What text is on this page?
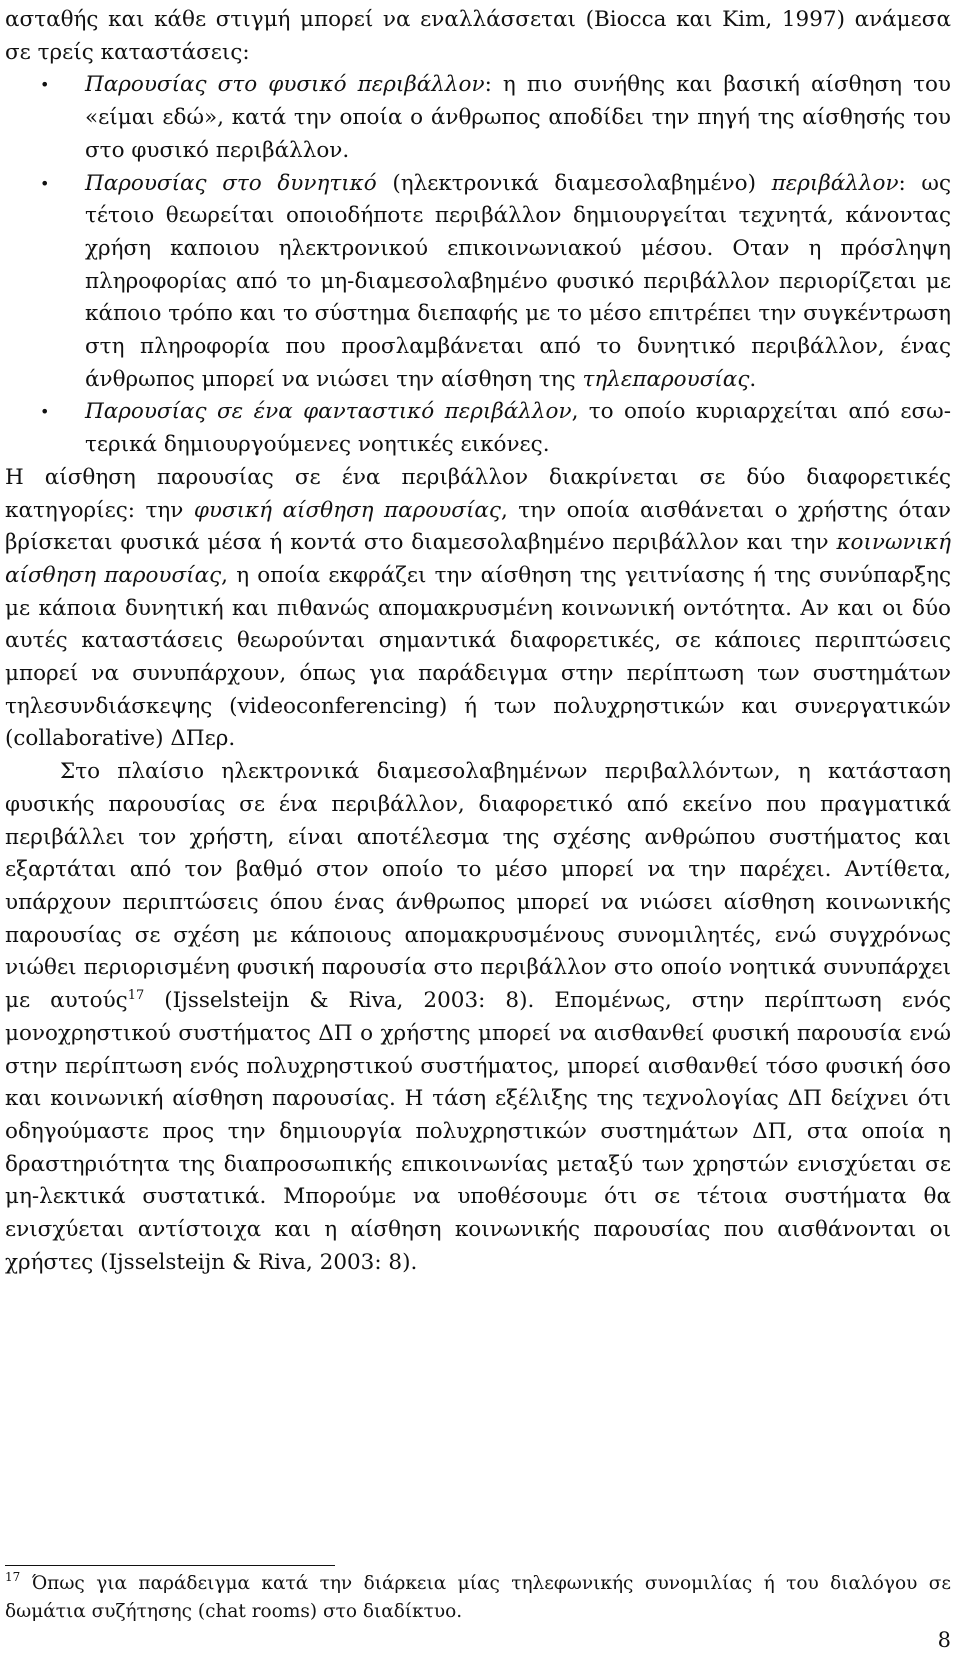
ασταθής και κάθε στιγμή μπορεί να εναλλάσσεται (Biocca και Kim, 1997) ανάμεσα σε τρείς καταστάσεις:

• Παρουσίας στο φυσικό περιβάλλον: η πιο συνήθης και βασική αίσθηση του «είμαι εδώ», κατά την οποία ο άνθρωπος αποδίδει την πηγή της αίσθησής του στο φυσικό περιβάλλον.
• Παρουσίας στο δυνητικό (ηλεκτρονικά διαμεσολαβημένο) περιβάλλον: ως τέτοιο θεωρείται οποιοδήποτε περιβάλλον δημιουργείται τεχνητά, κάνοντας χρήση καποιου ηλεκτρονικού επικοινωνιακού μέσου. Οταν η πρόσληψη πληροφορίας από το μη-διαμεσολαβημένο φυσικό περιβάλλον περιορίζεται με κάποιο τρόπο και το σύστημα διεπαφής με το μέσο επιτρέπει την συγκέντρωση στη πληροφορία που προσλαμβάνεται από το δυνητικό περιβάλλον, ένας άνθρωπος μπορεί να νιώσει την αίσθηση της τηλεπαρουσίας.
• Παρουσίας σε ένα φανταστικό περιβάλλον, το οποίο κυριαρχείται από εσωτερικά δημιουργούμενες νοητικές εικόνες.

Η αίσθηση παρουσίας σε ένα περιβάλλον διακρίνεται σε δύο διαφορετικές κατηγορίες: την φυσική αίσθηση παρουσίας, την οποία αισθάνεται ο χρήστης όταν βρίσκεται φυσικά μέσα ή κοντά στο διαμεσολαβημένο περιβάλλον και την κοινωνική αίσθηση παρουσίας, η οποία εκφράζει την αίσθηση της γειτνίασης ή της συνύπαρξης με κάποια δυνητική και πιθανώς απομακρυσμένη κοινωνική οντότητα. Αν και οι δύο αυτές καταστάσεις θεωρούνται σημαντικά διαφορετικές, σε κάποιες περιπτώσεις μπορεί να συνυπάρχουν, όπως για παράδειγμα στην περίπτωση των συστημάτων τηλεσυνδιάσκεψης (videoconferencing) ή των πολυχρηστικών και συνεργατικών (collaborative) ΔΠερ.

Στο πλαίσιο ηλεκτρονικά διαμεσολαβημένων περιβαλλόντων, η κατάσταση φυσικής παρουσίας σε ένα περιβάλλον, διαφορετικό από εκείνο που πραγματικά περιβάλλει τον χρήστη, είναι αποτέλεσμα της σχέσης ανθρώπου συστήματος και εξαρτάται από τον βαθμό στον οποίο το μέσο μπορεί να την παρέχει. Αντίθετα, υπάρχουν περιπτώσεις όπου ένας άνθρωπος μπορεί να νιώσει αίσθηση κοινωνικής παρουσίας σε σχέση με κάποιους απομακρυσμένους συνομιλητές, ενώ συγχρόνως νιώθει περιορισμένη φυσική παρουσία στο περιβάλλον στο οποίο νοητικά συνυπάρχει με αυτούς$^{17}$ (Ijsselsteijn & Riva, 2003: 8). Επομένως, στην περίπτωση ενός μονοχρηστικού συστήματος ΔΠ ο χρήστης μπορεί να αισθανθεί φυσική παρουσία ενώ στην περίπτωση ενός πολυχρηστικού συστήματος, μπορεί αισθανθεί τόσο φυσική όσο και κοινωνική αίσθηση παρουσίας. Η τάση εξέλιξης της τεχνολογίας ΔΠ δείχνει ότι οδηγούμαστε προς την δημιουργία πολυχρηστικών συστημάτων ΔΠ, στα οποία η δραστηριότητα της διαπροσωπικής επικοινωνίας μεταξύ των χρηστών ενισχύεται σε μη-λεκτικά συστατικά. Μπορούμε να υποθέσουμε ότι σε τέτοια συστήματα θα ενισχύεται αντίστοιχα και η αίσθηση κοινωνικής παρουσίας που αισθάνονται οι χρήστες (Ijsselsteijn & Riva, 2003: 8).

$^{17}$ Όπως για παράδειγμα κατά την διάρκεια μίας τηλεφωνικής συνομιλίας ή του διαλόγου σε δωμάτια συζήτησης (chat rooms) στο διαδίκτυο.
8
